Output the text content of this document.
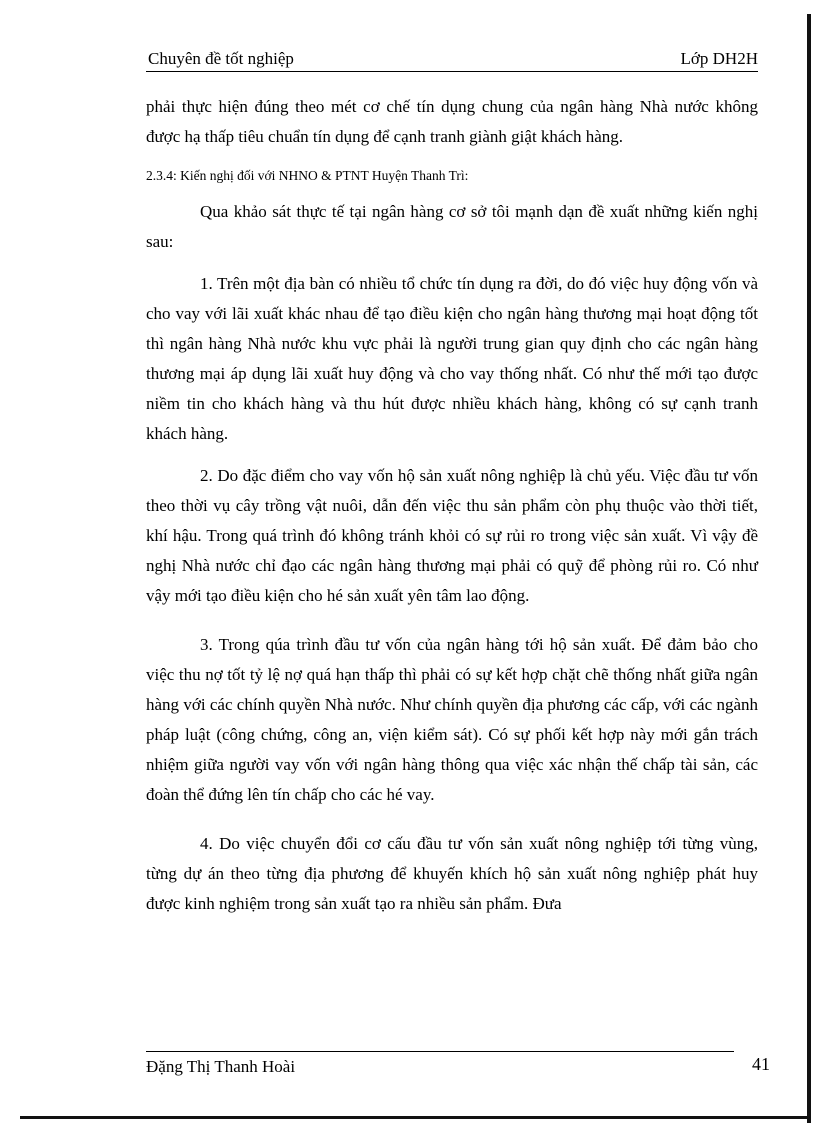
Chuyên đề tốt nghiệp	Lớp DH2H

phải thực hiện đúng theo mét cơ chế tín dụng chung của ngân hàng Nhà nước không được hạ thấp tiêu chuẩn tín dụng để cạnh tranh giành giật khách hàng.

2.3.4: Kiến nghị đối với NHNO & PTNT Huyện Thanh Trì:

Qua khảo sát thực tế tại ngân hàng cơ sở tôi mạnh dạn đề xuất những kiến nghị sau:

1. Trên một địa bàn có nhiều tổ chức tín dụng ra đời, do đó việc huy động vốn và cho vay với lãi xuất khác nhau để tạo điều kiện cho ngân hàng thương mại hoạt động tốt thì ngân hàng Nhà nước khu vực phải là người trung gian quy định cho các ngân hàng thương mại áp dụng lãi xuất huy động và cho vay thống nhất. Có như thế mới tạo được niềm tin cho khách hàng và thu hút được nhiều khách hàng, không có sự cạnh tranh khách hàng.

2. Do đặc điểm cho vay vốn hộ sản xuất nông nghiệp là chủ yếu. Việc đầu tư vốn theo thời vụ cây trồng vật nuôi, dẫn đến việc thu sản phẩm còn phụ thuộc vào thời tiết, khí hậu. Trong quá trình đó không tránh khỏi có sự rủi ro trong việc sản xuất. Vì vậy đề nghị Nhà nước chỉ đạo các ngân hàng thương mại phải có quỹ để phòng rủi ro. Có như vậy mới tạo điều kiện cho hé sản xuất yên tâm lao động.

3. Trong qúa trình đầu tư vốn của ngân hàng tới hộ sản xuất. Để đảm bảo cho việc thu nợ tốt tỷ lệ nợ quá hạn thấp thì phải có sự kết hợp chặt chẽ thống nhất giữa ngân hàng với các chính quyền Nhà nước. Như chính quyền địa phương các cấp, với các ngành pháp luật (công chứng, công an, viện kiểm sát). Có sự phối kết hợp này mới gắn trách nhiệm giữa người vay vốn với ngân hàng thông qua việc xác nhận thế chấp tài sản, các đoàn thể đứng lên tín chấp cho các hé vay.

4. Do việc chuyển đổi cơ cấu đầu tư vốn sản xuất nông nghiệp tới từng vùng, từng dự án theo từng địa phương để khuyến khích hộ sản xuất nông nghiệp phát huy được kinh nghiệm trong sản xuất tạo ra nhiều sản phẩm. Đưa

Đặng Thị Thanh Hoài	41
